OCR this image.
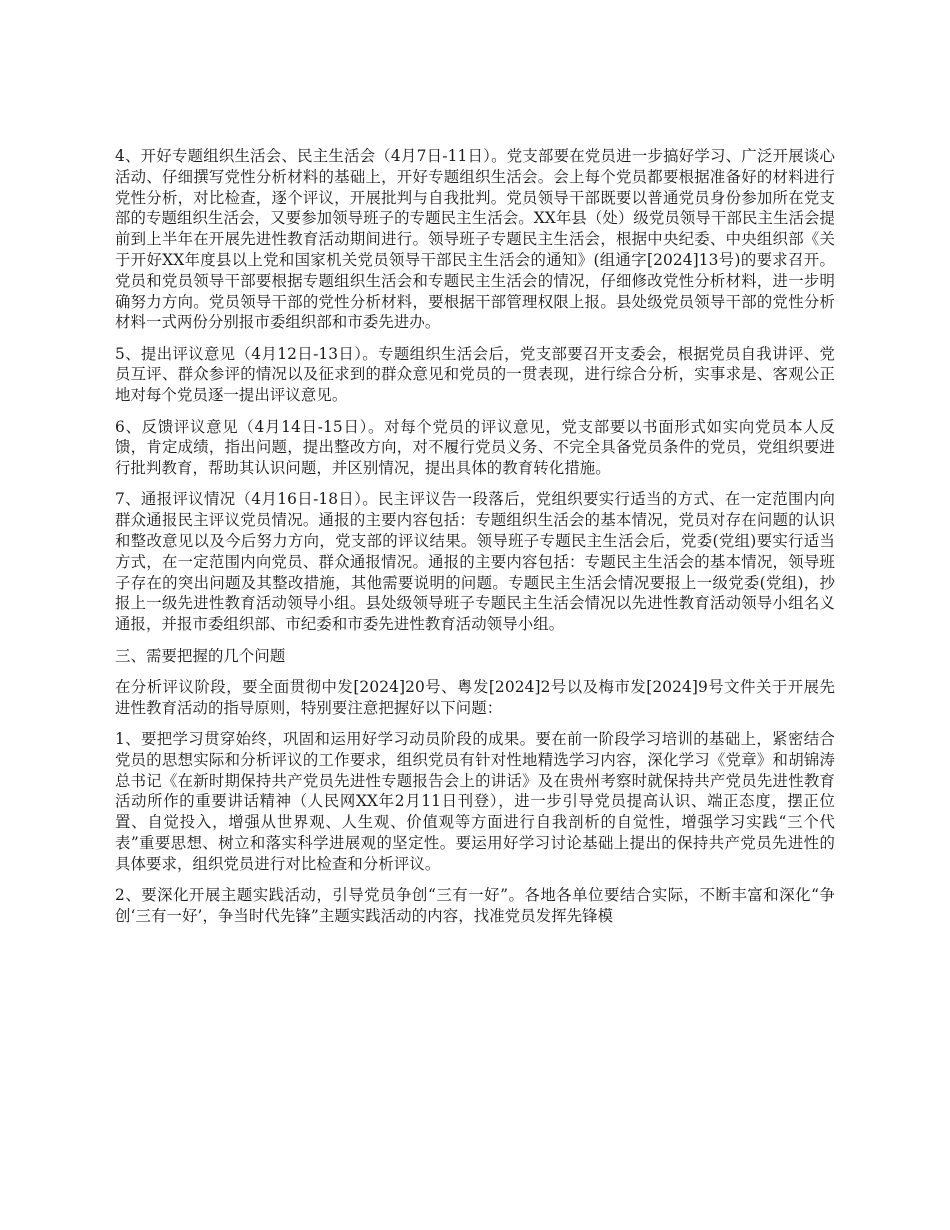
4、开好专题组织生活会、民主生活会（4月7日-11日）。党支部要在党员进一步搞好学习、广泛开展谈心活动、仔细撰写党性分析材料的基础上，开好专题组织生活会。会上每个党员都要根据准备好的材料进行党性分析，对比检查，逐个评议，开展批判与自我批判。党员领导干部既要以普通党员身份参加所在党支部的专题组织生活会，又要参加领导班子的专题民主生活会。XX年县（处）级党员领导干部民主生活会提前到上半年在开展先进性教育活动期间进行。领导班子专题民主生活会，根据中央纪委、中央组织部《关于开好XX年度县以上党和国家机关党员领导干部民主生活会的通知》(组通字[2024]13号)的要求召开。党员和党员领导干部要根据专题组织生活会和专题民主生活会的情况，仔细修改党性分析材料，进一步明确努力方向。党员领导干部的党性分析材料，要根据干部管理权限上报。县处级党员领导干部的党性分析材料一式两份分别报市委组织部和市委先进办。

5、提出评议意见（4月12日-13日）。专题组织生活会后，党支部要召开支委会，根据党员自我讲评、党员互评、群众参评的情况以及征求到的群众意见和党员的一贯表现，进行综合分析，实事求是、客观公正地对每个党员逐一提出评议意见。

6、反馈评议意见（4月14日-15日）。对每个党员的评议意见，党支部要以书面形式如实向党员本人反馈，肯定成绩，指出问题，提出整改方向，对不履行党员义务、不完全具备党员条件的党员，党组织要进行批判教育，帮助其认识问题，并区别情况，提出具体的教育转化措施。

7、通报评议情况（4月16日-18日）。民主评议告一段落后，党组织要实行适当的方式、在一定范围内向群众通报民主评议党员情况。通报的主要内容包括：专题组织生活会的基本情况，党员对存在问题的认识和整改意见以及今后努力方向，党支部的评议结果。领导班子专题民主生活会后，党委(党组)要实行适当方式，在一定范围内向党员、群众通报情况。通报的主要内容包括：专题民主生活会的基本情况，领导班子存在的突出问题及其整改措施，其他需要说明的问题。专题民主生活会情况要报上一级党委(党组)，抄报上一级先进性教育活动领导小组。县处级领导班子专题民主生活会情况以先进性教育活动领导小组名义通报，并报市委组织部、市纪委和市委先进性教育活动领导小组。

三、需要把握的几个问题

在分析评议阶段，要全面贯彻中发[2024]20号、粤发[2024]2号以及梅市发[2024]9号文件关于开展先进性教育活动的指导原则，特别要注意把握好以下问题：

1、要把学习贯穿始终，巩固和运用好学习动员阶段的成果。要在前一阶段学习培训的基础上，紧密结合党员的思想实际和分析评议的工作要求，组织党员有针对性地精选学习内容，深化学习《党章》和胡锦涛总书记《在新时期保持共产党员先进性专题报告会上的讲话》及在贵州考察时就保持共产党员先进性教育活动所作的重要讲话精神（人民网XX年2月11日刊登），进一步引导党员提高认识、端正态度，摆正位置、自觉投入，增强从世界观、人生观、价值观等方面进行自我剖析的自觉性，增强学习实践“三个代表”重要思想、树立和落实科学进展观的坚定性。要运用好学习讨论基础上提出的保持共产党员先进性的具体要求，组织党员进行对比检查和分析评议。

2、要深化开展主题实践活动，引导党员争创“三有一好”。各地各单位要结合实际，不断丰富和深化“争创‘三有一好’，争当时代先锋”主题实践活动的内容，找准党员发挥先锋模
